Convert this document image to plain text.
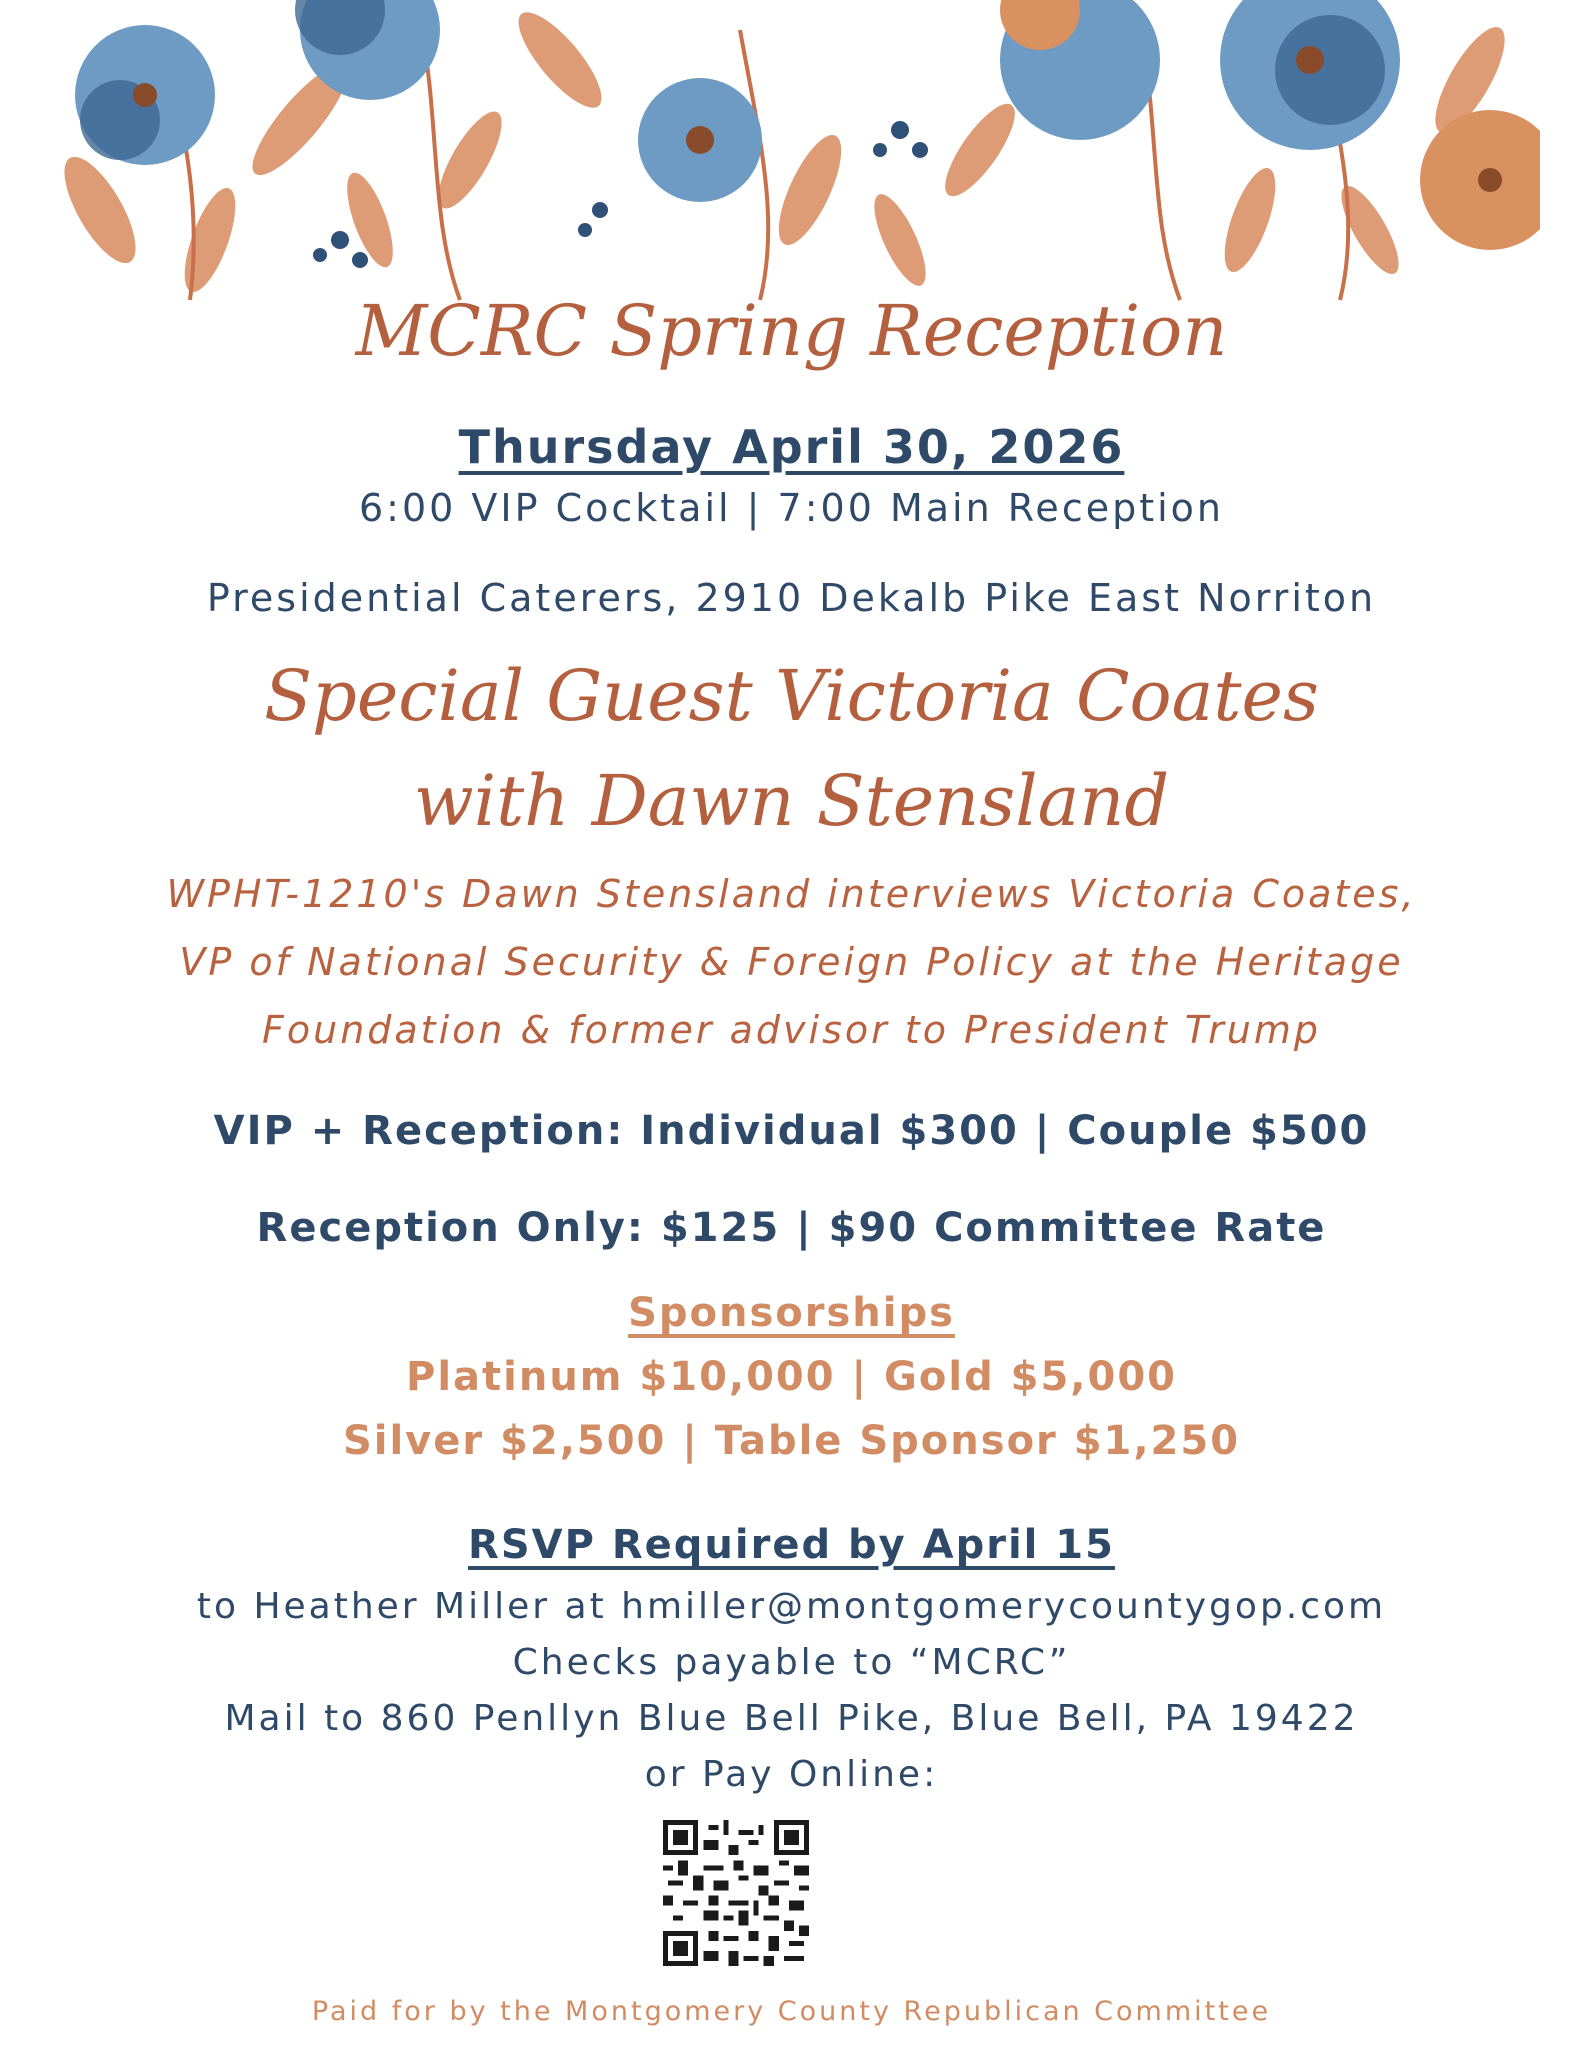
MCRC Spring Reception
Thursday April 30, 2026
6:00 VIP Cocktail | 7:00 Main Reception
Presidential Caterers, 2910 Dekalb Pike East Norriton
Special Guest Victoria Coates
with Dawn Stensland
WPHT-1210's Dawn Stensland interviews Victoria Coates,
VP of National Security & Foreign Policy at the Heritage
Foundation & former advisor to President Trump
VIP + Reception: Individual $300 | Couple $500
Reception Only: $125 | $90 Committee Rate
Sponsorships
Platinum $10,000 | Gold $5,000
Silver $2,500 | Table Sponsor $1,250
RSVP Required by April 15
to Heather Miller at hmiller@montgomerycountygop.com
Checks payable to “MCRC”
Mail to 860 Penllyn Blue Bell Pike, Blue Bell, PA 19422
or Pay Online:
Paid for by the Montgomery County Republican Committee
